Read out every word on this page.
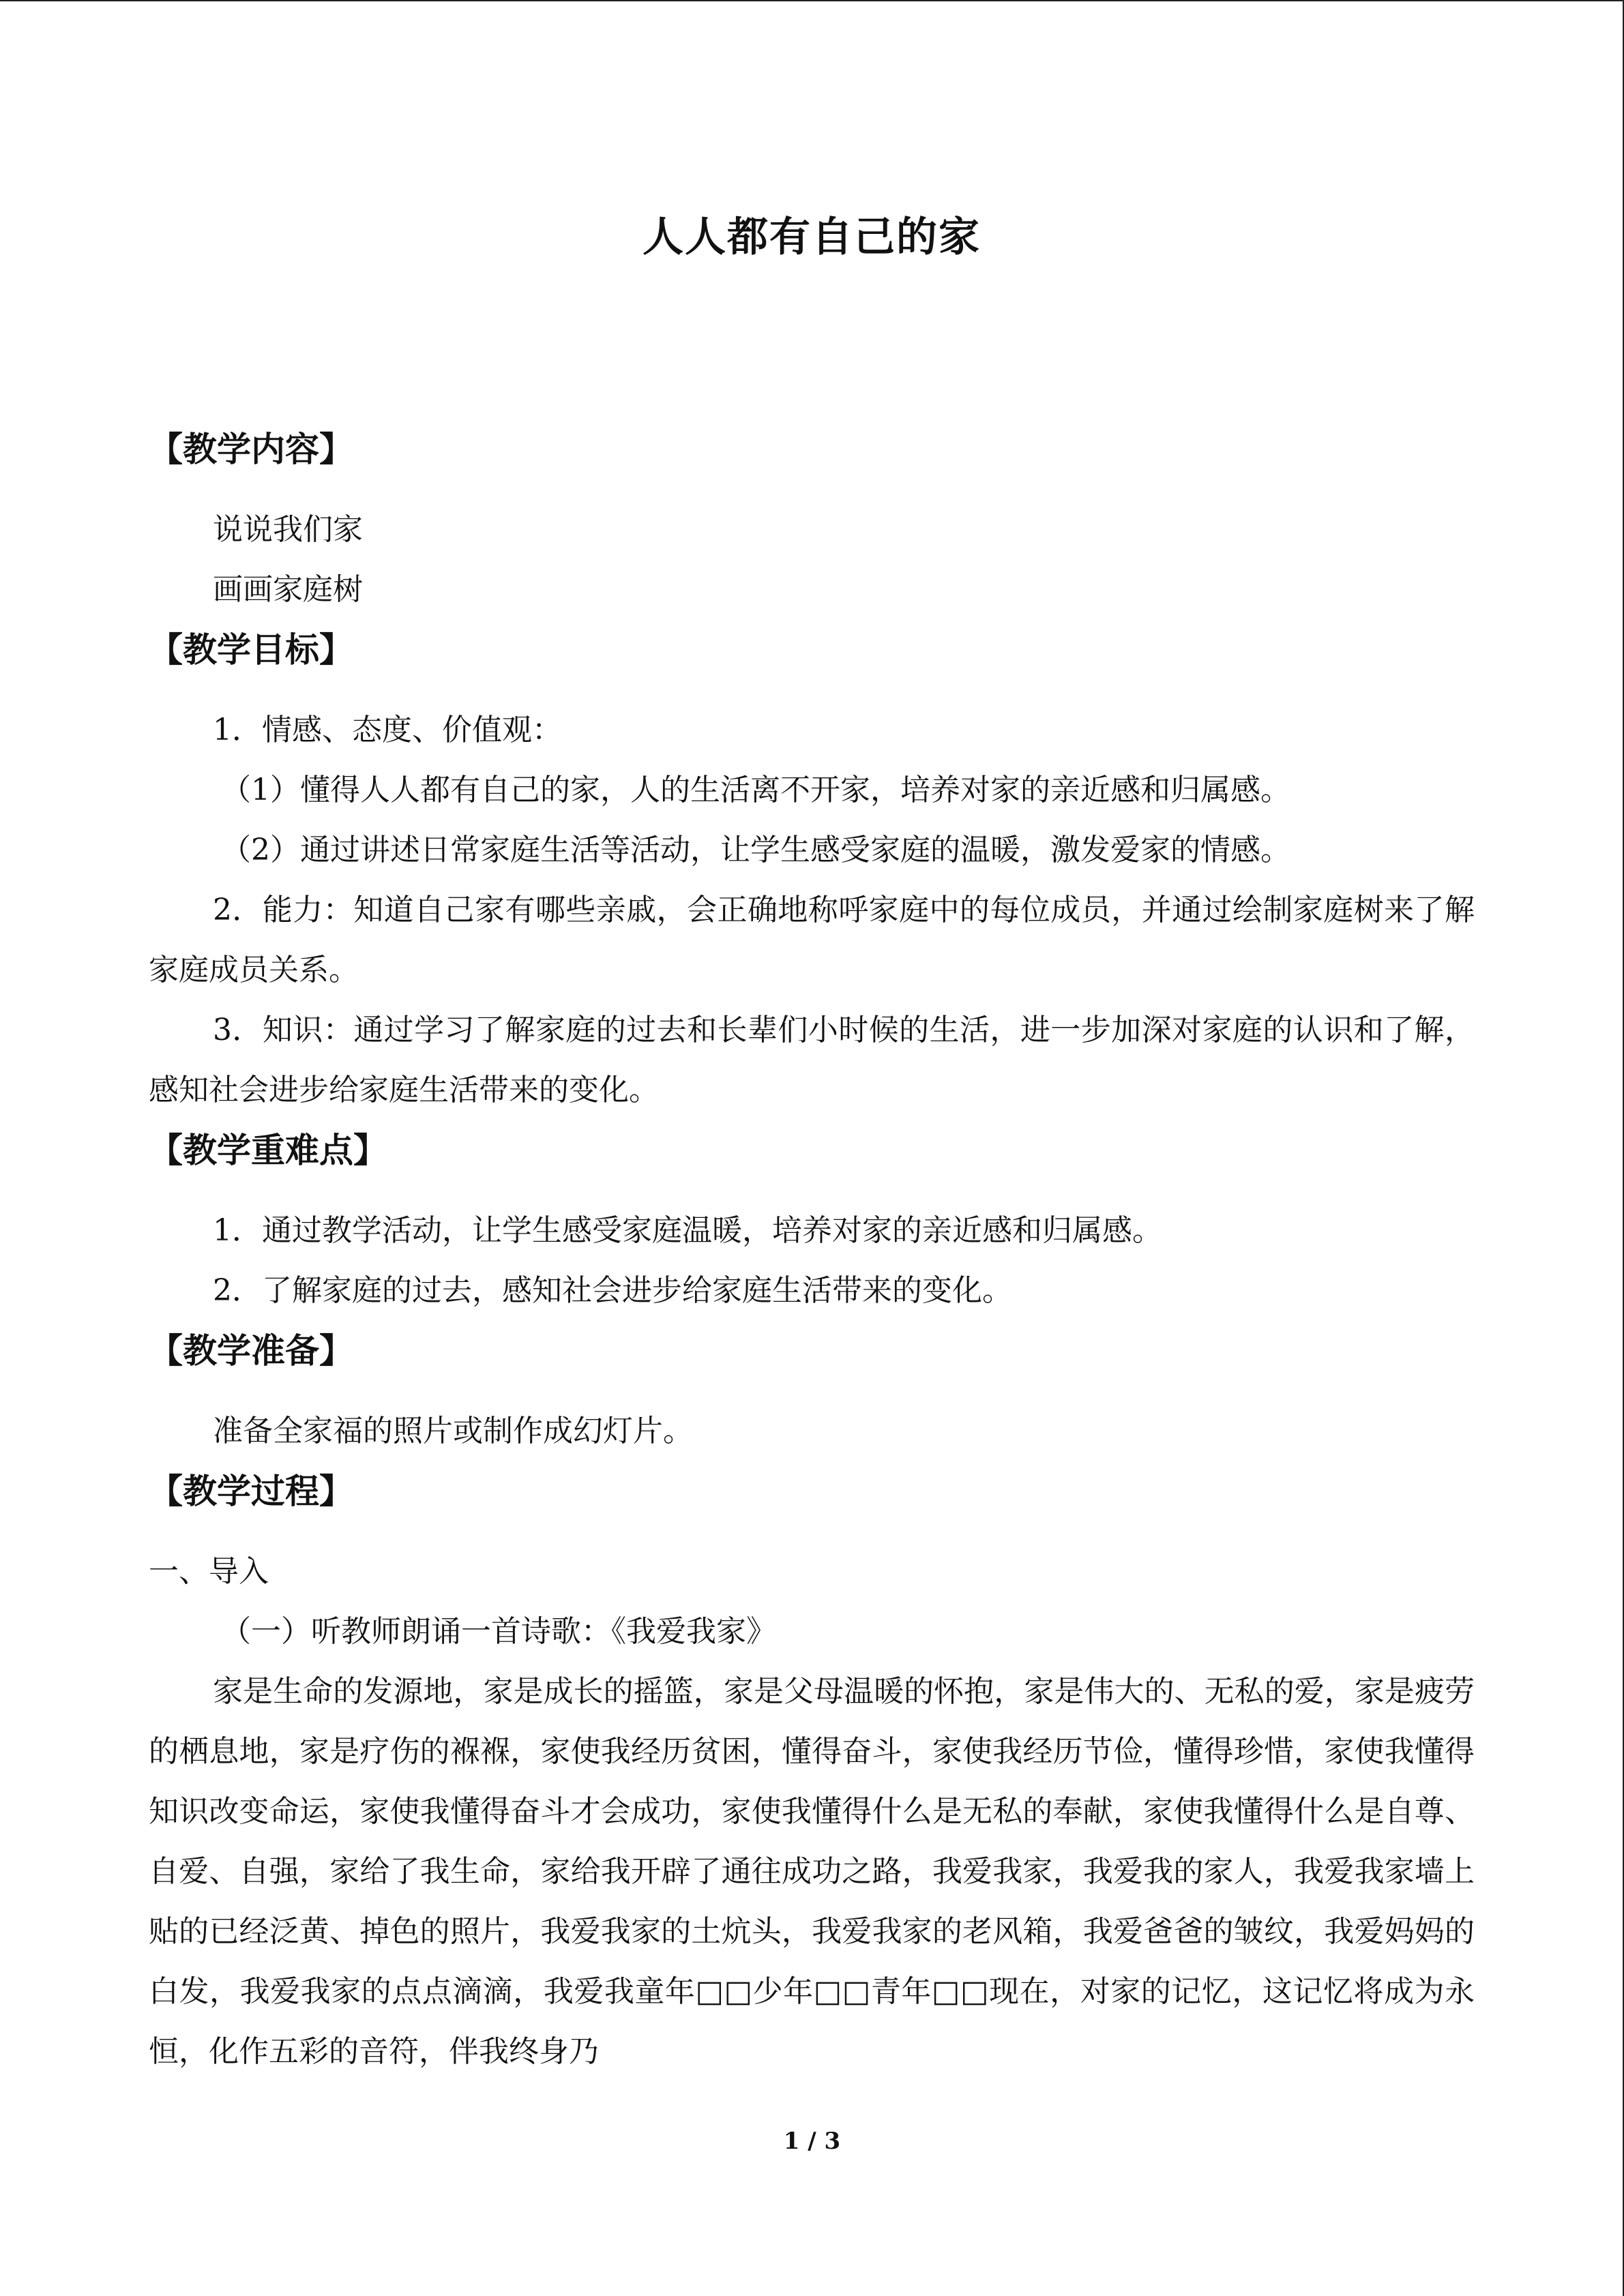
人人都有自己的家
【教学内容】
说说我们家
画画家庭树
【教学目标】
1．情感、态度、价值观：
（1）懂得人人都有自己的家，人的生活离不开家，培养对家的亲近感和归属感。
（2）通过讲述日常家庭生活等活动，让学生感受家庭的温暖，激发爱家的情感。
2．能力：知道自己家有哪些亲戚，会正确地称呼家庭中的每位成员，并通过绘制家庭树来了解家庭成员关系。
3．知识：通过学习了解家庭的过去和长辈们小时候的生活，进一步加深对家庭的认识和了解，感知社会进步给家庭生活带来的变化。
【教学重难点】
1．通过教学活动，让学生感受家庭温暖，培养对家的亲近感和归属感。
2．了解家庭的过去，感知社会进步给家庭生活带来的变化。
【教学准备】
准备全家福的照片或制作成幻灯片。
【教学过程】
一、导入
（一）听教师朗诵一首诗歌：《我爱我家》
家是生命的发源地，家是成长的摇篮，家是父母温暖的怀抱，家是伟大的、无私的爱，家是疲劳的栖息地，家是疗伤的褓褓，家使我经历贫困，懂得奋斗，家使我经历节俭，懂得珍惜，家使我懂得知识改变命运，家使我懂得奋斗才会成功，家使我懂得什么是无私的奉献，家使我懂得什么是自尊、自爱、自强，家给了我生命，家给我开辟了通往成功之路，我爱我家，我爱我的家人，我爱我家墙上贴的已经泛黄、掉色的照片，我爱我家的土炕头，我爱我家的老风箱，我爱爸爸的皱纹，我爱妈妈的白发，我爱我家的点点滴滴，我爱我童年□□少年□□青年□□现在，对家的记忆，这记忆将成为永恒，化作五彩的音符，伴我终身乃
1 / 3
